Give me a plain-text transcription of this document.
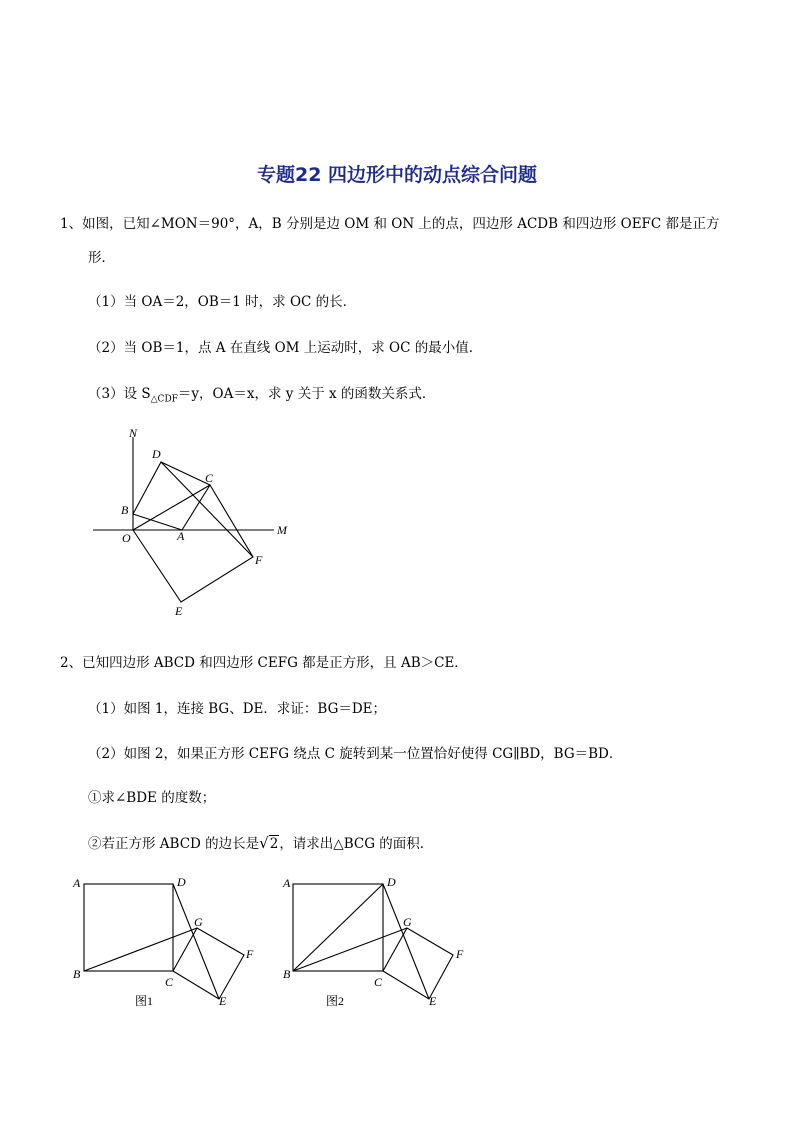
专题22 四边形中的动点综合问题
1、如图，已知∠MON＝90°，A，B 分别是边 OM 和 ON 上的点，四边形 ACDB 和四边形 OEFC 都是正方
形．
（1）当 OA＝2，OB＝1 时，求 OC 的长．
（2）当 OB＝1，点 A 在直线 OM 上运动时，求 OC 的最小值．
（3）设 $S_{\triangle CDF}=y$，OA＝x，求 y 关于 x 的函数关系式．
N
D
C
B
O	A	M
F
E
2、已知四边形 ABCD 和四边形 CEFG 都是正方形，且 AB＞CE．
（1）如图 1，连接 BG、DE．求证：BG＝DE；
（2）如图 2，如果正方形 CEFG 绕点 C 旋转到某一位置恰好使得 CG∥BD，BG＝BD．
①求∠BDE 的度数；
②若正方形 ABCD 的边长是√2，请求出△BCG 的面积．
A	D
G
F
B
C
E
图1
A	D
G
F
B
C
E
图2
